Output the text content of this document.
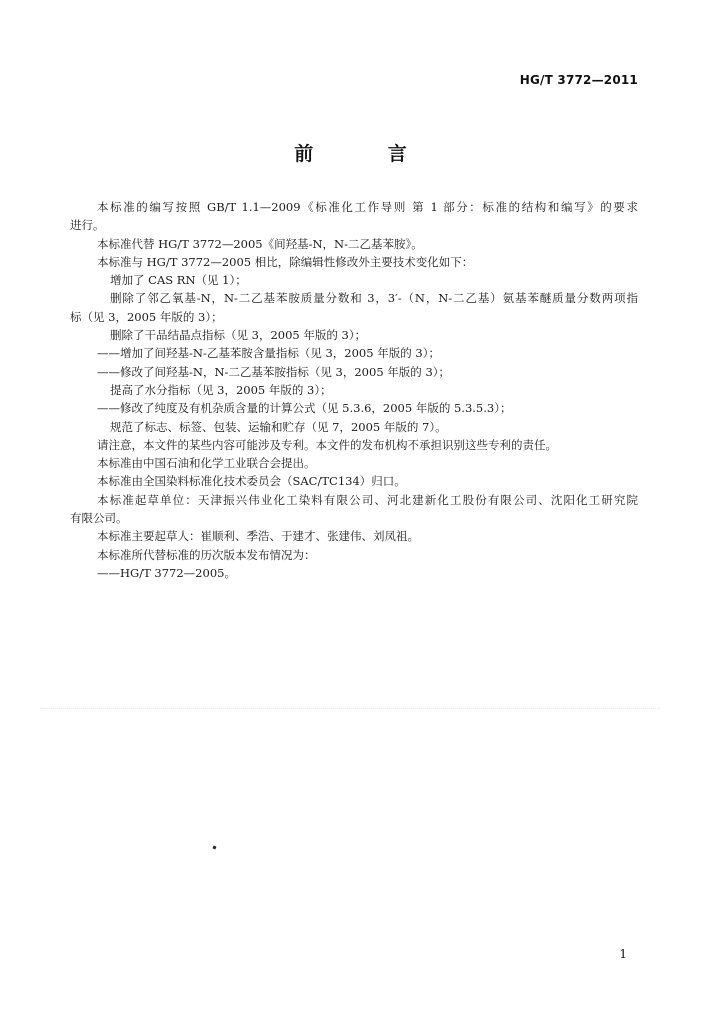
HG/T 3772—2011
前 言
本标准的编写按照 GB/T 1.1—2009《标准化工作导则 第 1 部分：标准的结构和编写》的要求
进行。
本标准代替 HG/T 3772—2005《间羟基-N，N-二乙基苯胺》。
本标准与 HG/T 3772—2005 相比，除编辑性修改外主要技术变化如下：
增加了 CAS RN（见 1）；
删除了邻乙氧基-N，N-二乙基苯胺质量分数和 3，3′-（N，N-二乙基）氨基苯醚质量分数两项指
标（见 3，2005 年版的 3）；
删除了干品结晶点指标（见 3，2005 年版的 3）；
——增加了间羟基-N-乙基苯胺含量指标（见 3，2005 年版的 3）；
——修改了间羟基-N，N-二乙基苯胺指标（见 3，2005 年版的 3）；
提高了水分指标（见 3，2005 年版的 3）；
——修改了纯度及有机杂质含量的计算公式（见 5.3.6，2005 年版的 5.3.5.3）；
规范了标志、标签、包装、运输和贮存（见 7，2005 年版的 7）。
请注意，本文件的某些内容可能涉及专利。本文件的发布机构不承担识别这些专利的责任。
本标准由中国石油和化学工业联合会提出。
本标准由全国染料标准化技术委员会（SAC/TC134）归口。
本标准起草单位：天津振兴伟业化工染料有限公司、河北建新化工股份有限公司、沈阳化工研究院
有限公司。
本标准主要起草人：崔顺利、季浩、于建才、张建伟、刘凤祖。
本标准所代替标准的历次版本发布情况为：
——HG/T 3772—2005。
1
